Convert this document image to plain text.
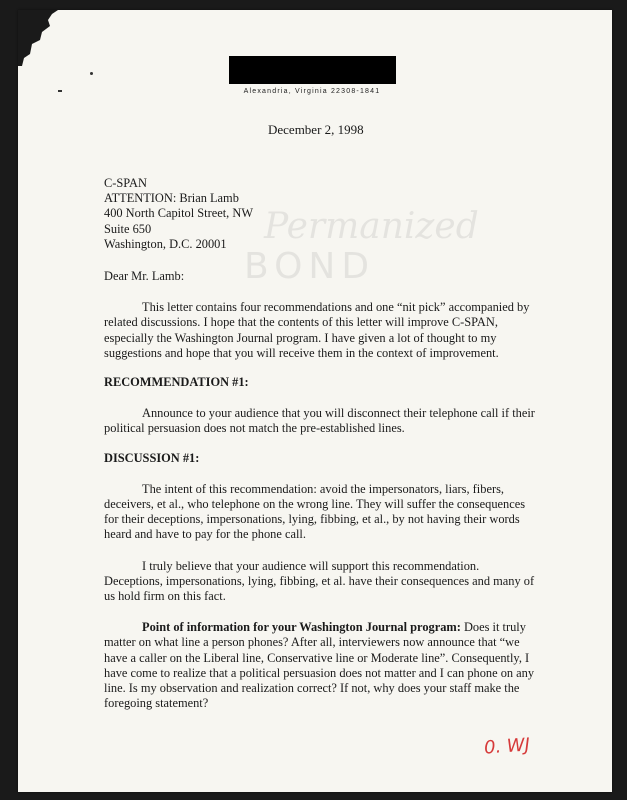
Alexandria, Virginia 22308-1841
December 2, 1998
Permanized
BOND
C-SPAN
ATTENTION: Brian Lamb
400 North Capitol Street, NW
Suite 650
Washington, D.C. 20001
Dear Mr. Lamb:
This letter contains four recommendations and one “nit pick” accompanied by related discussions. I hope that the contents of this letter will improve C-SPAN, especially the Washington Journal program. I have given a lot of thought to my suggestions and hope that you will receive them in the context of improvement.
RECOMMENDATION #1:
Announce to your audience that you will disconnect their telephone call if their political persuasion does not match the pre-established lines.
DISCUSSION #1:
The intent of this recommendation: avoid the impersonators, liars, fibers, deceivers, et al., who telephone on the wrong line. They will suffer the consequences for their deceptions, impersonations, lying, fibbing, et al., by not having their words heard and have to pay for the phone call.
I truly believe that your audience will support this recommendation. Deceptions, impersonations, lying, fibbing, et al. have their consequences and many of us hold firm on this fact.
Point of information for your Washington Journal program: Does it truly matter on what line a person phones? After all, interviewers now announce that “we have a caller on the Liberal line, Conservative line or Moderate line”. Consequently, I have come to realize that a political persuasion does not matter and I can phone on any line. Is my observation and realization correct? If not, why does your staff make the foregoing statement?
0. WJ
